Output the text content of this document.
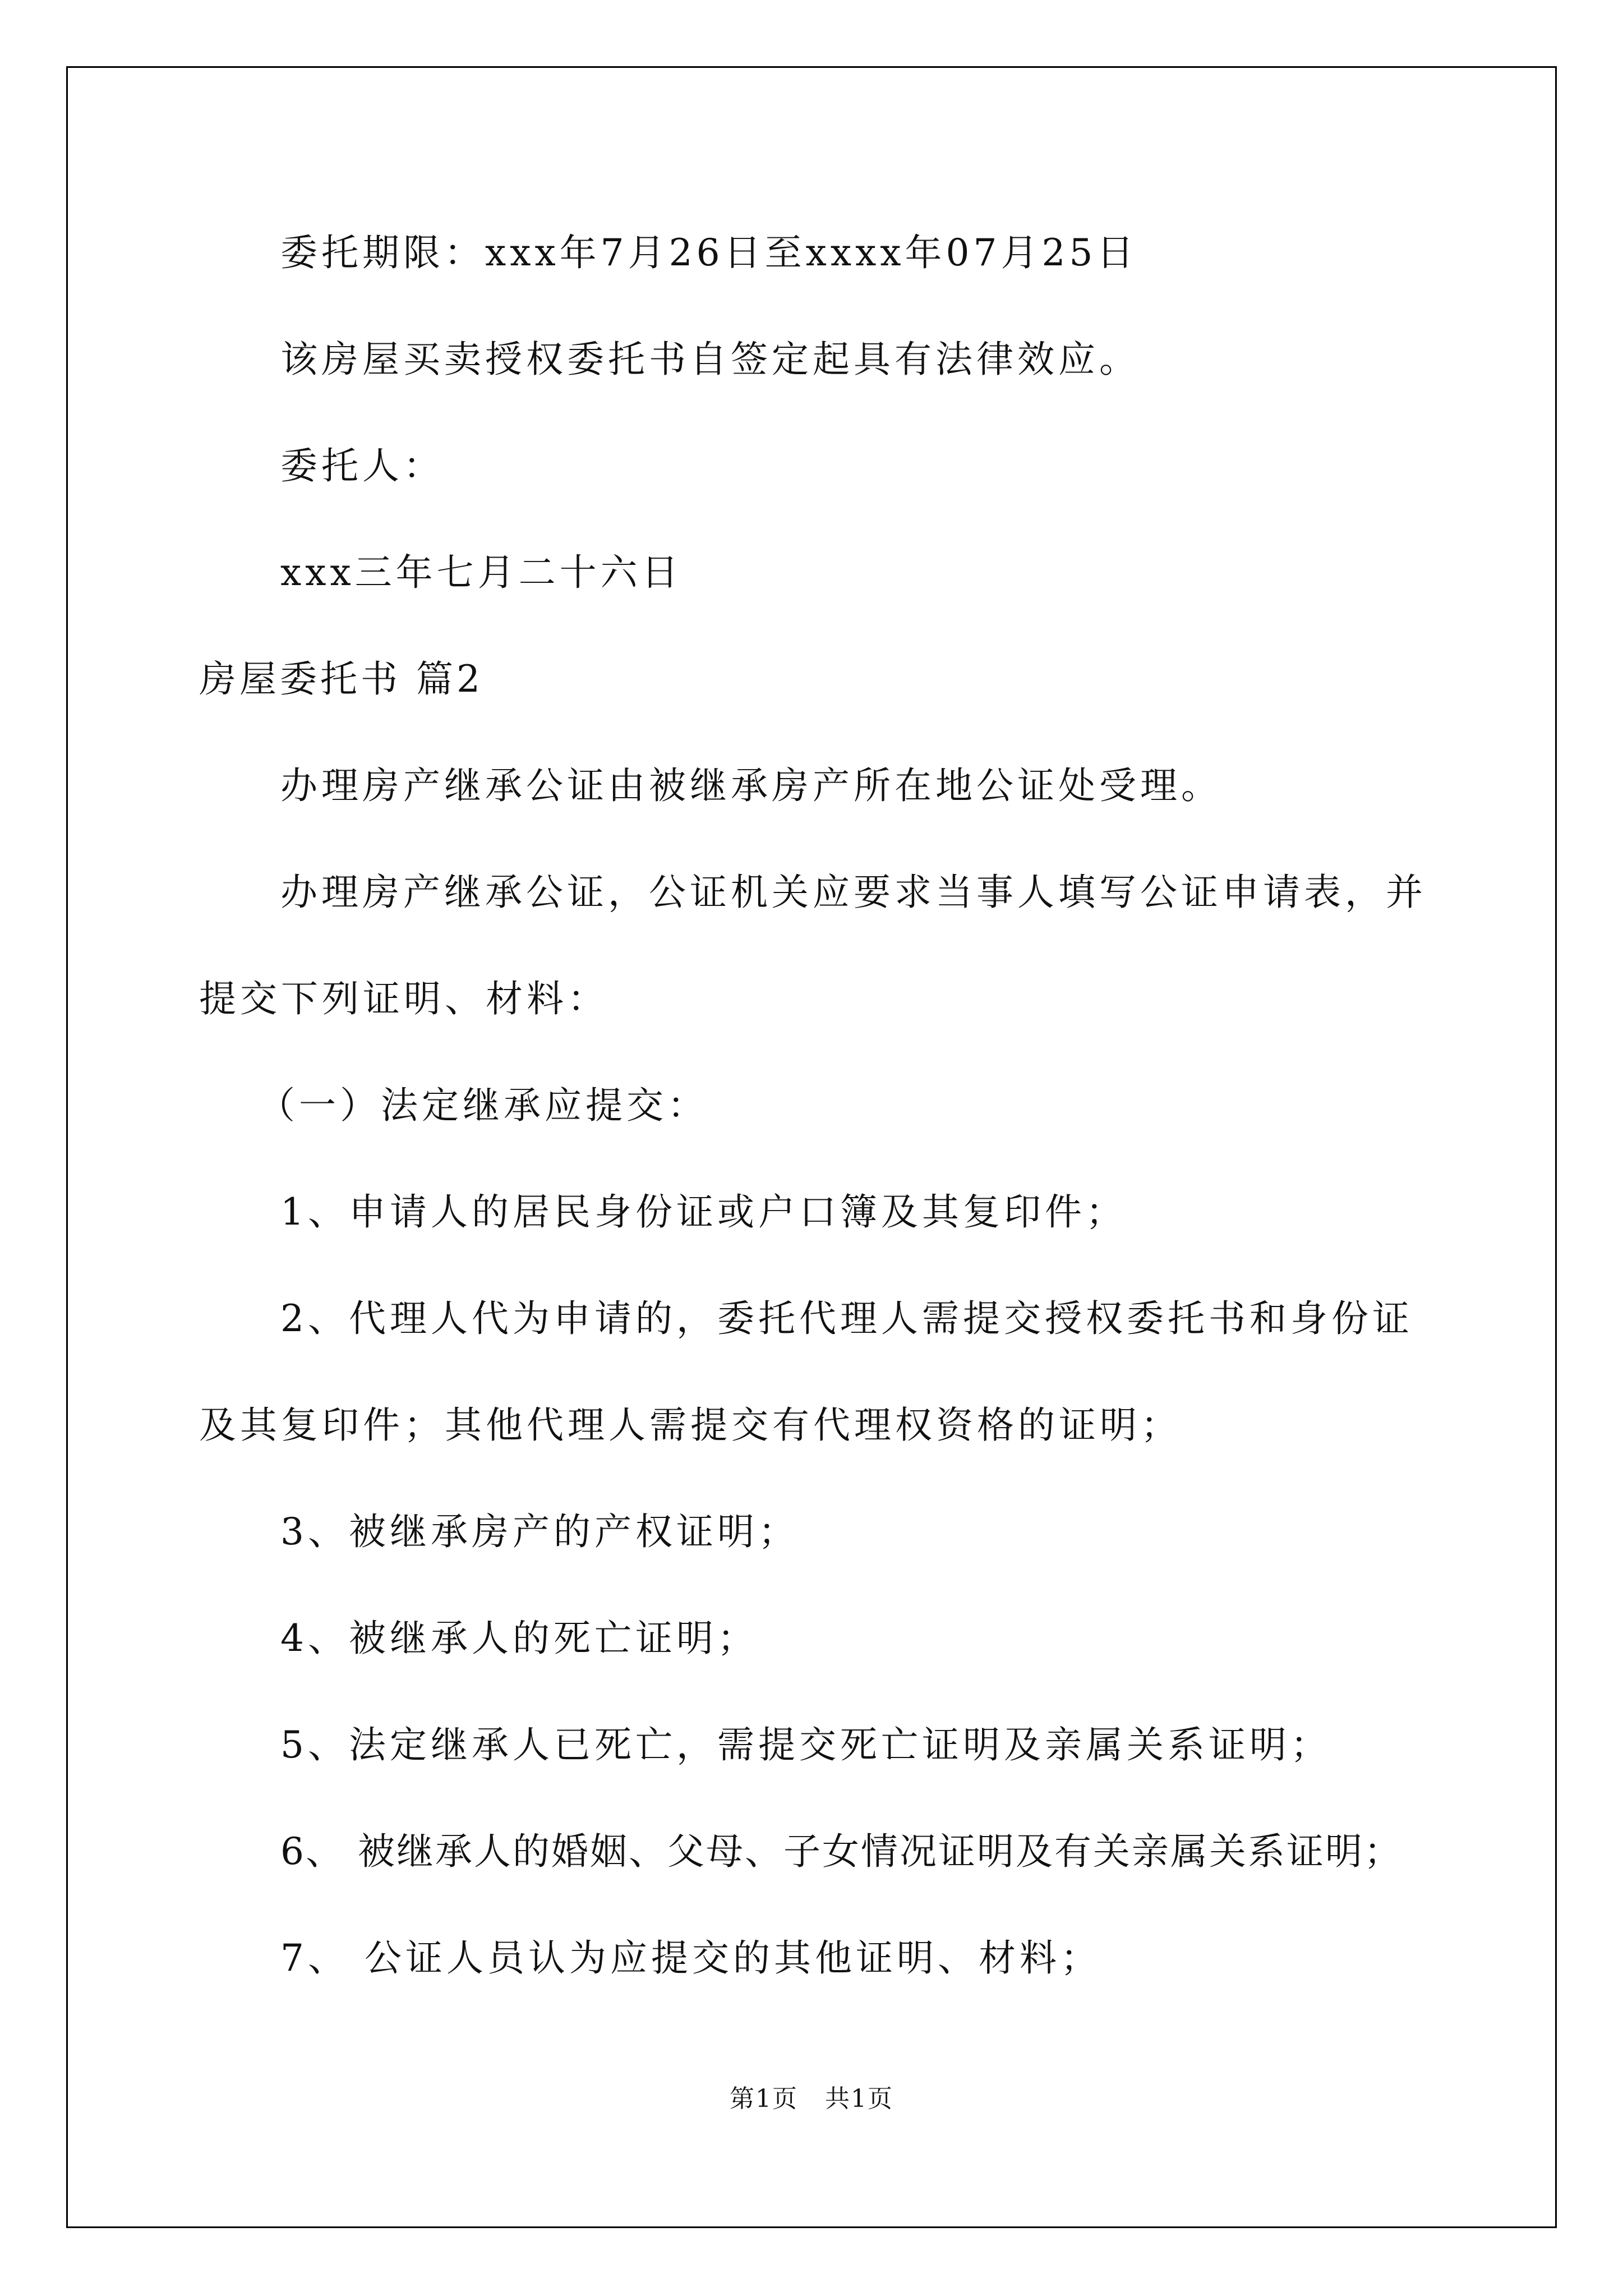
委托期限：xxx年7月26日至xxxx年07月25日
该房屋买卖授权委托书自签定起具有法律效应。
委托人：
xxx三年七月二十六日
房屋委托书 篇2
办理房产继承公证由被继承房产所在地公证处受理。
办理房产继承公证，公证机关应要求当事人填写公证申请表，并
提交下列证明、材料：
（一）法定继承应提交：
1、申请人的居民身份证或户口簿及其复印件；
2、代理人代为申请的，委托代理人需提交授权委托书和身份证
及其复印件；其他代理人需提交有代理权资格的证明；
3、被继承房产的产权证明；
4、被继承人的死亡证明；
5、法定继承人已死亡，需提交死亡证明及亲属关系证明；
6、 被继承人的婚姻、父母、子女情况证明及有关亲属关系证明；
7、 公证人员认为应提交的其他证明、材料；
第1页   共1页
